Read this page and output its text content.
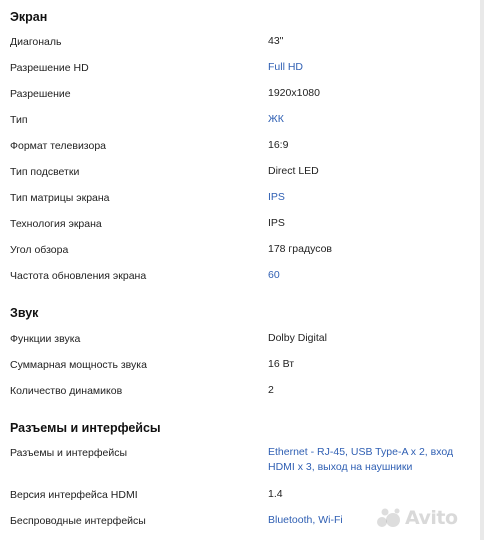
Экран
Диагональ	43"
Разрешение HD	Full HD
Разрешение	1920x1080
Тип	ЖК
Формат телевизора	16:9
Тип подсветки	Direct LED
Тип матрицы экрана	IPS
Технология экрана	IPS
Угол обзора	178 градусов
Частота обновления экрана	60
Звук
Функции звука	Dolby Digital
Суммарная мощность звука	16 Вт
Количество динамиков	2
Разъемы и интерфейсы
Разъемы и интерфейсы	Ethernet - RJ-45, USB Type-A x 2, вход HDMI x 3, выход на наушники
Версия интерфейса HDMI	1.4
Беспроводные интерфейсы	Bluetooth, Wi-Fi	Avito
